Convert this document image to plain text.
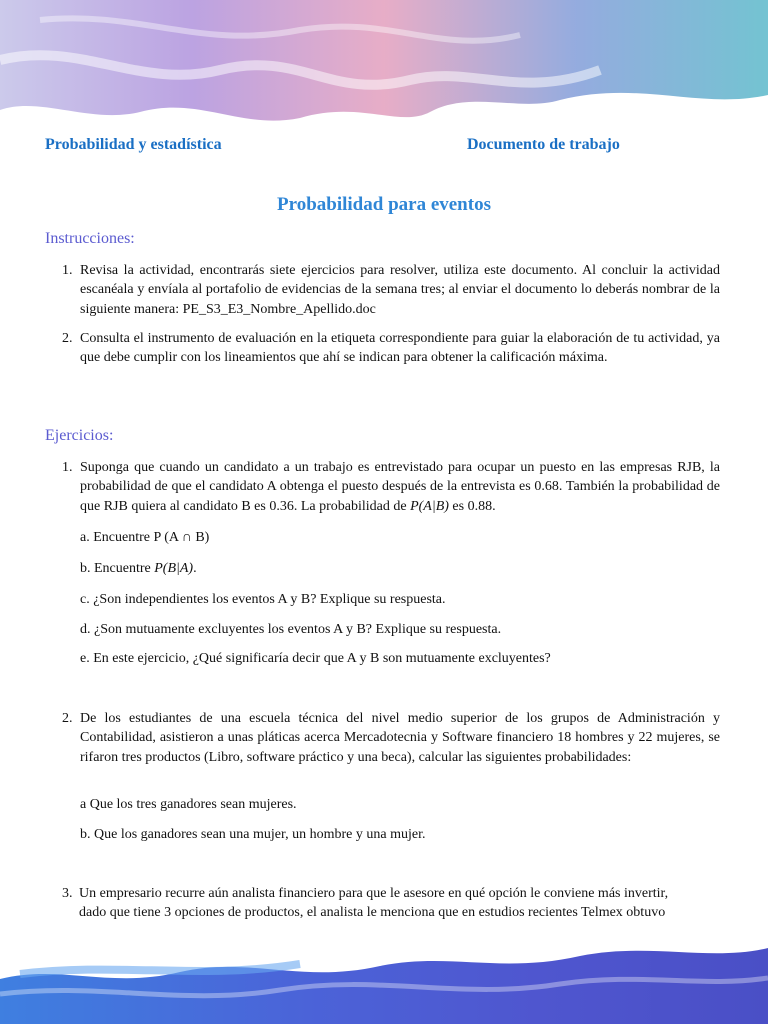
Probabilidad y estadística	Documento de trabajo
Probabilidad para eventos
Instrucciones:
1. Revisa la actividad, encontrarás siete ejercicios para resolver, utiliza este documento. Al concluir la actividad escanéala y envíala al portafolio de evidencias de la semana tres; al enviar el documento lo deberás nombrar de la siguiente manera: PE_S3_E3_Nombre_Apellido.doc
2. Consulta el instrumento de evaluación en la etiqueta correspondiente para guiar la elaboración de tu actividad, ya que debe cumplir con los lineamientos que ahí se indican para obtener la calificación máxima.
Ejercicios:
1. Suponga que cuando un candidato a un trabajo es entrevistado para ocupar un puesto en las empresas RJB, la probabilidad de que el candidato A obtenga el puesto después de la entrevista es 0.68. También la probabilidad de que RJB quiera al candidato B es 0.36. La probabilidad de P(A|B) es 0.88.
a. Encuentre P (A ∩ B)
b. Encuentre P(B|A).
c. ¿Son independientes los eventos A y B? Explique su respuesta.
d. ¿Son mutuamente excluyentes los eventos A y B? Explique su respuesta.
e. En este ejercicio, ¿Qué significaría decir que A y B son mutuamente excluyentes?
2. De los estudiantes de una escuela técnica del nivel medio superior de los grupos de Administración y Contabilidad, asistieron a unas pláticas acerca Mercadotecnia y Software financiero 18 hombres y 22 mujeres, se rifaron tres productos (Libro, software práctico y una beca), calcular las siguientes probabilidades:
a Que los tres ganadores sean mujeres.
b. Que los ganadores sean una mujer, un hombre y una mujer.
3. Un empresario recurre aún analista financiero para que le asesore en qué opción le conviene más invertir,
dado que tiene 3 opciones de productos, el analista le menciona que en estudios recientes Telmex obtuvo
